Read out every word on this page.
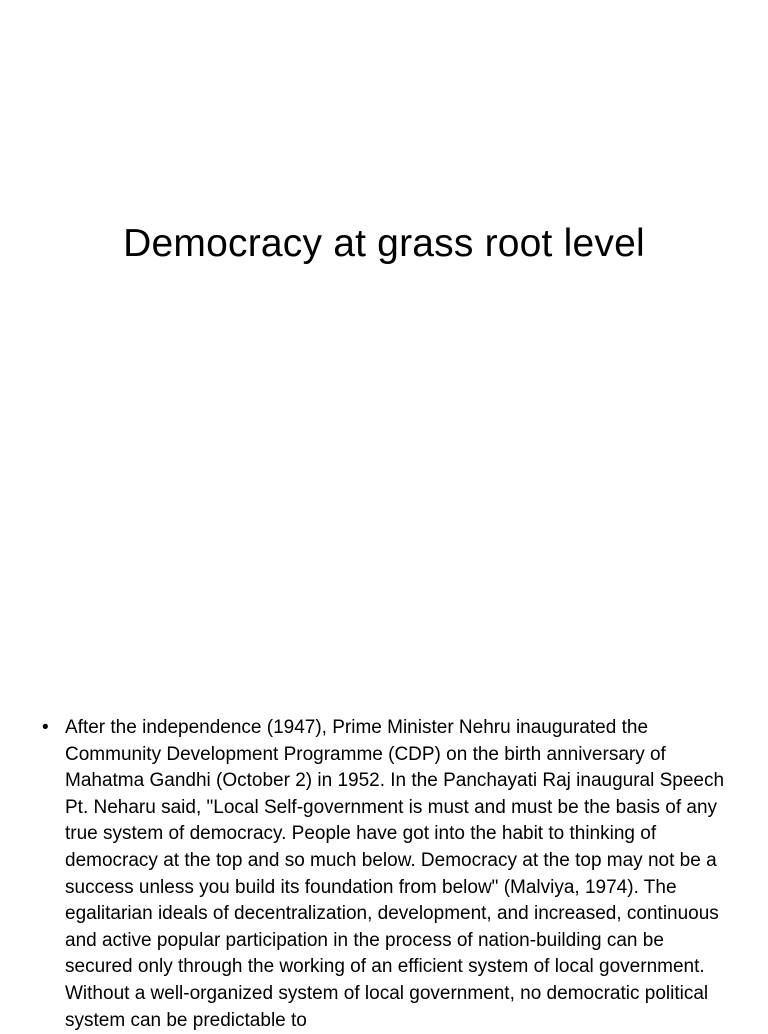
Democracy at grass root level
• After the independence (1947), Prime Minister Nehru inaugurated the Community Development Programme (CDP) on the birth anniversary of Mahatma Gandhi (October 2) in 1952. In the Panchayati Raj inaugural Speech Pt. Neharu said, "Local Self-government is must and must be the basis of any true system of democracy. People have got into the habit to thinking of democracy at the top and so much below. Democracy at the top may not be a success unless you build its foundation from below" (Malviya, 1974). The egalitarian ideals of decentralization, development, and increased, continuous and active popular participation in the process of nation-building can be secured only through the working of an efficient system of local government. Without a well-organized system of local government, no democratic political system can be predictable to
